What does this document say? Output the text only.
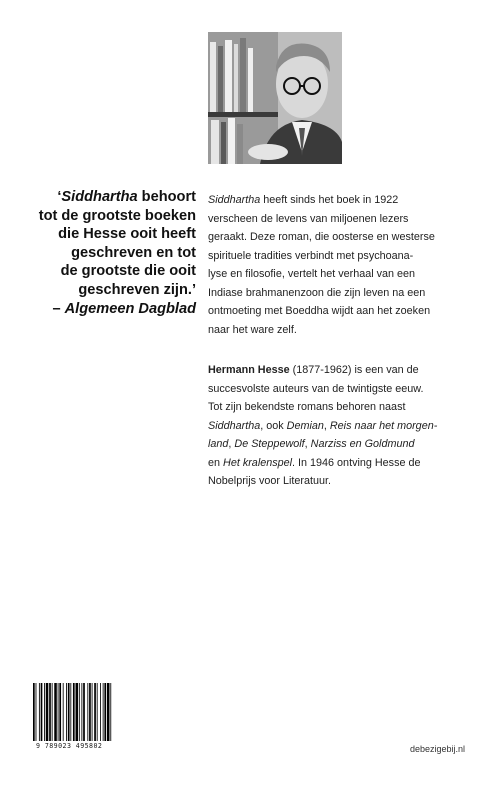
‘Siddhartha behoort
tot de grootste boeken
die Hesse ooit heeft
geschreven en tot
de grootste die ooit
geschreven zijn.’
– Algemeen Dagblad
Siddhartha heeft sinds het boek in 1922
verscheen de levens van miljoenen lezers
geraakt. Deze roman, die oosterse en westerse
spirituele tradities verbindt met psychoana-
lyse en filosofie, vertelt het verhaal van een
Indiase brahmanenzoon die zijn leven na een
ontmoeting met Boeddha wijdt aan het zoeken
naar het ware zelf.
Hermann Hesse (1877-1962) is een van de
succesvolste auteurs van de twintigste eeuw.
Tot zijn bekendste romans behoren naast
Siddhartha, ook Demian, Reis naar het morgen-
land, De Steppewolf, Narziss en Goldmund
en Het kralenspel. In 1946 ontving Hesse de
Nobelprijs voor Literatuur.
9 789023 495802	debezigebij.nl
